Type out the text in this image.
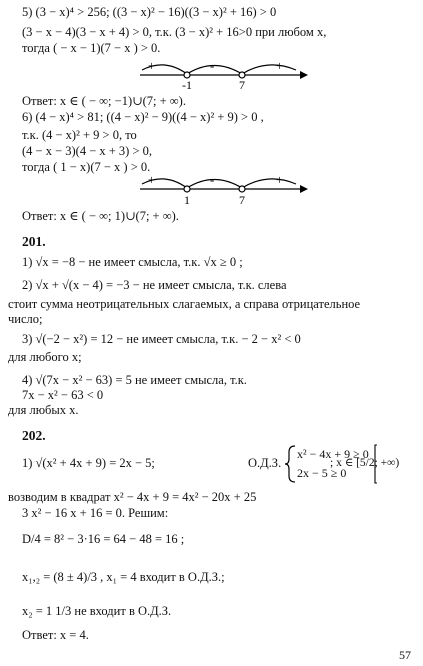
5) (3 − x)⁴ > 256; ((3 − x)² − 16)((3 − x)² + 16) > 0
(3 − x − 4)(3 − x + 4) > 0, т.к. (3 − x)² + 16>0 при любом x,
тогда ( − x − 1)(7 − x ) > 0.
+	-	+
-1	7
Ответ: x ∈ ( − ∞; −1)∪(7; + ∞).
6) (4 − x)⁴ > 81; ((4 − x)² − 9)((4 − x)² + 9) > 0 ,
т.к. (4 − x)² + 9 > 0, то
(4 − x − 3)(4 − x + 3) > 0,
тогда ( 1 − x)(7 − x ) > 0.
+	-	+
1	7
Ответ: x ∈ ( − ∞; 1)∪(7; + ∞).
201.
1) √x = −8 − не имеет смысла, т.к. √x ≥ 0 ;
2) √x + √(x − 4) = −3 − не имеет смысла, т.к. слева
стоит сумма неотрицательных слагаемых, а справа отрицательное
число;
3) √(−2 − x²) = 12 − не имеет смысла, т.к. − 2 − x² < 0
для любого x;
4) √(7x − x² − 63) = 5 не имеет смысла, т.к.
7x − x² − 63 < 0
для любых x.
202.
1) √(x² + 4x + 9) = 2x − 5;	О.Д.З.
x² − 4x + 9 ≥ 0
2x − 5 ≥ 0
; x ∈ [5/2; +∞)
возводим в квадрат x² − 4x + 9 = 4x² − 20x + 25
3 x² − 16 x + 16 = 0. Решим:
D/4 = 8² − 3·16 = 64 − 48 = 16 ;
x₁,₂ = (8 ± 4)/3 , x₁ = 4 входит в О.Д.З.;
x₂ = 1 1/3 не входит в О.Д.З.
Ответ: x = 4.
57
